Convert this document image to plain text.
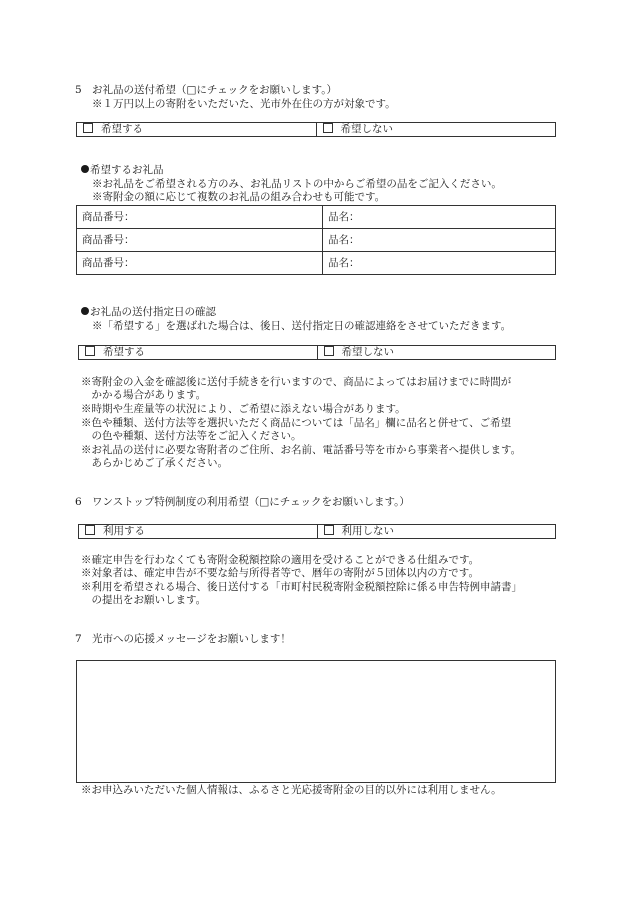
5 お礼品の送付希望（□にチェックをお願いします。）
※１万円以上の寄附をいただいた、光市外在住の方が対象です。
希望する	希望しない
希望するお礼品
※お礼品をご希望される方のみ、お礼品リストの中からご希望の品をご記入ください。
※寄附金の額に応じて複数のお礼品の組み合わせも可能です。
商品番号：	品名：
商品番号：	品名：
商品番号：	品名：
お礼品の送付指定日の確認
※「希望する」を選ばれた場合は、後日、送付指定日の確認連絡をさせていただきます。
希望する	希望しない
※寄附金の入金を確認後に送付手続きを行いますので、商品によってはお届けまでに時間が
　かかる場合があります。
※時期や生産量等の状況により、ご希望に添えない場合があります。
※色や種類、送付方法等を選択いただく商品については「品名」欄に品名と併せて、ご希望
　の色や種類、送付方法等をご記入ください。
※お礼品の送付に必要な寄附者のご住所、お名前、電話番号等を市から事業者へ提供します。
　あらかじめご了承ください。
6 ワンストップ特例制度の利用希望（□にチェックをお願いします。）
利用する	利用しない
※確定申告を行わなくても寄附金税額控除の適用を受けることができる仕組みです。
※対象者は、確定申告が不要な給与所得者等で、暦年の寄附が５団体以内の方です。
※利用を希望される場合、後日送付する「市町村民税寄附金税額控除に係る申告特例申請書」
　の提出をお願いします。
7 光市への応援メッセージをお願いします！
※お申込みいただいた個人情報は、ふるさと光応援寄附金の目的以外には利用しません。
